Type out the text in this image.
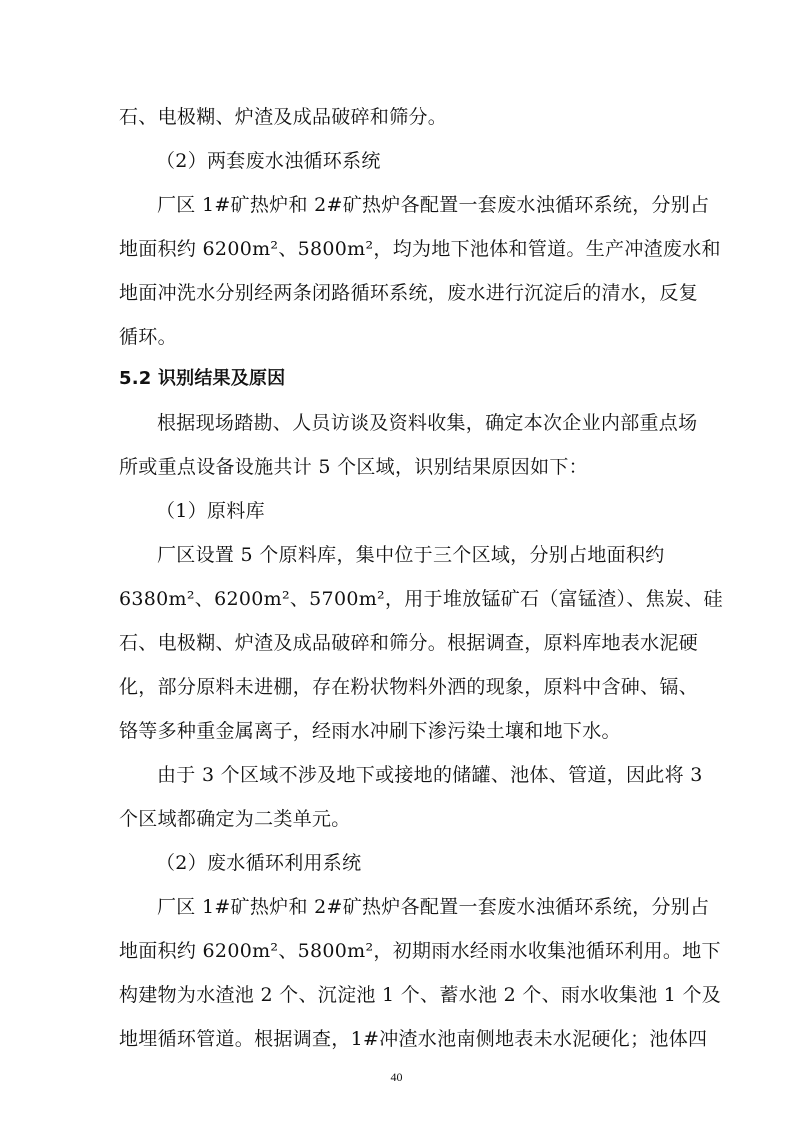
石、电极糊、炉渣及成品破碎和筛分。
（2）两套废水浊循环系统
厂区 1#矿热炉和 2#矿热炉各配置一套废水浊循环系统，分别占
地面积约 6200m²、5800m²，均为地下池体和管道。生产冲渣废水和
地面冲洗水分别经两条闭路循环系统，废水进行沉淀后的清水，反复
循环。
5.2 识别结果及原因
根据现场踏勘、人员访谈及资料收集，确定本次企业内部重点场
所或重点设备设施共计 5 个区域，识别结果原因如下：
（1）原料库
厂区设置 5 个原料库，集中位于三个区域，分别占地面积约
6380m²、6200m²、5700m²，用于堆放锰矿石（富锰渣）、焦炭、硅
石、电极糊、炉渣及成品破碎和筛分。根据调查，原料库地表水泥硬
化，部分原料未进棚，存在粉状物料外洒的现象，原料中含砷、镉、
铬等多种重金属离子，经雨水冲刷下渗污染土壤和地下水。
由于 3 个区域不涉及地下或接地的储罐、池体、管道，因此将 3
个区域都确定为二类单元。
（2）废水循环利用系统
厂区 1#矿热炉和 2#矿热炉各配置一套废水浊循环系统，分别占
地面积约 6200m²、5800m²，初期雨水经雨水收集池循环利用。地下
构建物为水渣池 2 个、沉淀池 1 个、蓄水池 2 个、雨水收集池 1 个及
地埋循环管道。根据调查，1#冲渣水池南侧地表未水泥硬化；池体四
40
